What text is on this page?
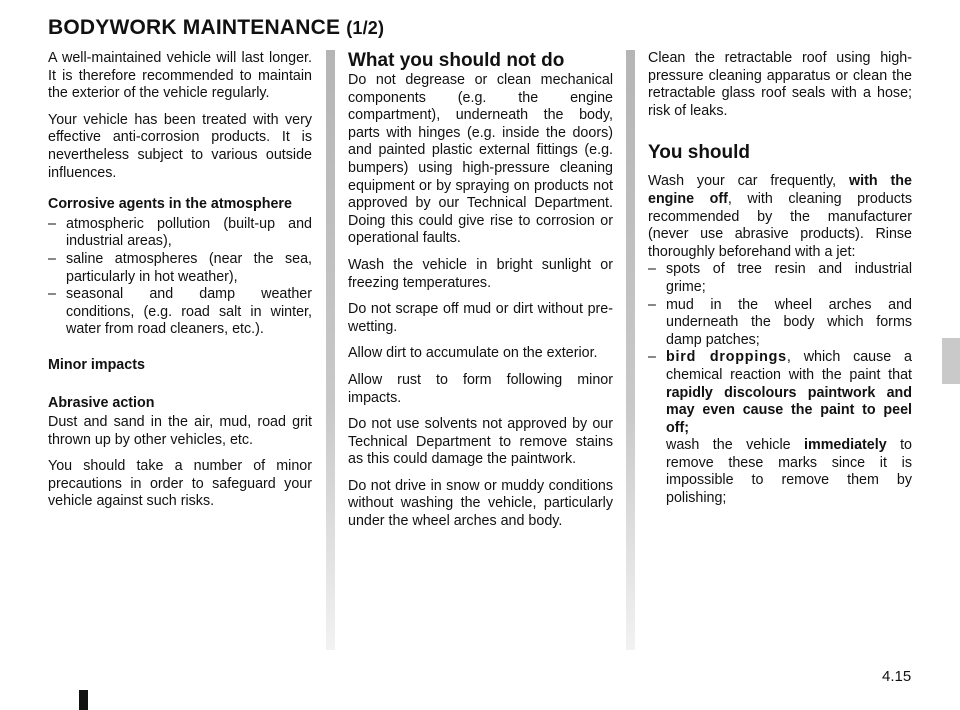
BODYWORK MAINTENANCE (1/2)

A well-maintained vehicle will last longer. It is therefore recommended to maintain the exterior of the vehicle regularly.

Your vehicle has been treated with very effective anti-corrosion products. It is nevertheless subject to various outside influences.

Corrosive agents in the atmosphere
– atmospheric pollution (built-up and industrial areas),
– saline atmospheres (near the sea, particularly in hot weather),
– seasonal and damp weather conditions, (e.g. road salt in winter, water from road cleaners, etc.).
Minor impacts
Abrasive action

Dust and sand in the air, mud, road grit thrown up by other vehicles, etc.

You should take a number of minor precautions in order to safeguard your vehicle against such risks.

What you should not do

Do not degrease or clean mechanical components (e.g. the engine compartment), underneath the body, parts with hinges (e.g. inside the doors) and painted plastic external fittings (e.g. bumpers) using high-pressure cleaning equipment or by spraying on products not approved by our Technical Department. Doing this could give rise to corrosion or operational faults.

Wash the vehicle in bright sunlight or freezing temperatures.

Do not scrape off mud or dirt without pre-wetting.

Allow dirt to accumulate on the exterior.

Allow rust to form following minor impacts.

Do not use solvents not approved by our Technical Department to remove stains as this could damage the paintwork.

Do not drive in snow or muddy conditions without washing the vehicle, particularly under the wheel arches and body.

Clean the retractable roof using high-pressure cleaning apparatus or clean the retractable glass roof seals with a hose; risk of leaks.

You should

Wash your car frequently, with the engine off, with cleaning products recommended by the manufacturer (never use abrasive products). Rinse thoroughly beforehand with a jet:

– spots of tree resin and industrial grime;
– mud in the wheel arches and underneath the body which forms damp patches;
– bird droppings, which cause a chemical reaction with the paint that rapidly discolours paintwork and may even cause the paint to peel off;
wash the vehicle immediately to remove these marks since it is impossible to remove them by polishing;
4.15
